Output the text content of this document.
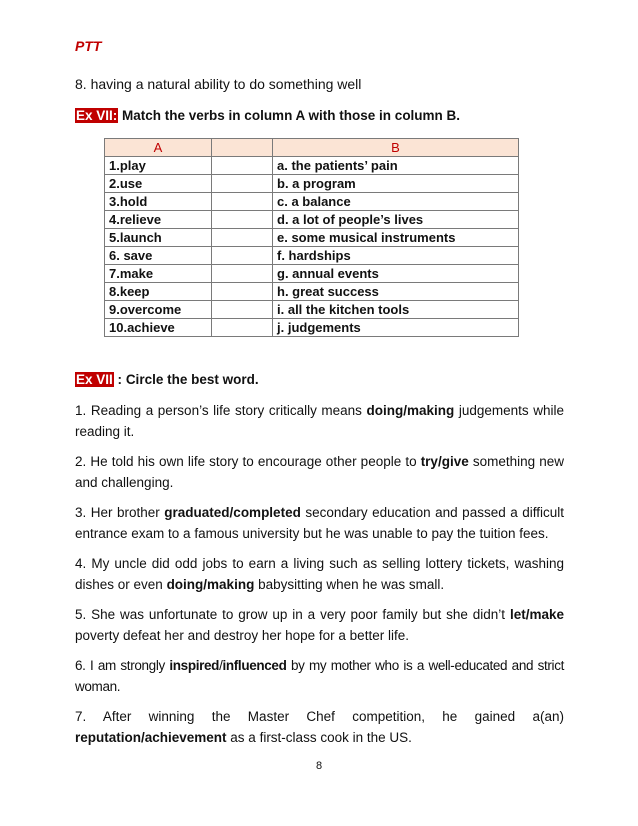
PTT
8. having a natural ability to do something well
Ex VII: Match the verbs in column A with those in column B.
A		B
1.play		a. the patients’ pain
2.use		b. a program
3.hold		c. a balance
4.relieve		d. a lot of people’s lives
5.launch		e. some musical instruments
6. save		f. hardships
7.make		g. annual events
8.keep		h. great success
9.overcome		i. all the kitchen tools
10.achieve		j. judgements
Ex VII : Circle the best word.
1. Reading a person’s life story critically means doing/making judgements while reading it.
2. He told his own life story to encourage other people to try/give something new and challenging.
3. Her brother graduated/completed secondary education and passed a difficult entrance exam to a famous university but he was unable to pay the tuition fees.
4. My uncle did odd jobs to earn a living such as selling lottery tickets, washing dishes or even doing/making babysitting when he was small.
5. She was unfortunate to grow up in a very poor family but she didn’t let/make poverty defeat her and destroy her hope for a better life.
6. I am strongly inspired/influenced by my mother who is a well-educated and strict woman.
7. After winning the Master Chef competition, he gained a(an) reputation/achievement as a first-class cook in the US.
8
